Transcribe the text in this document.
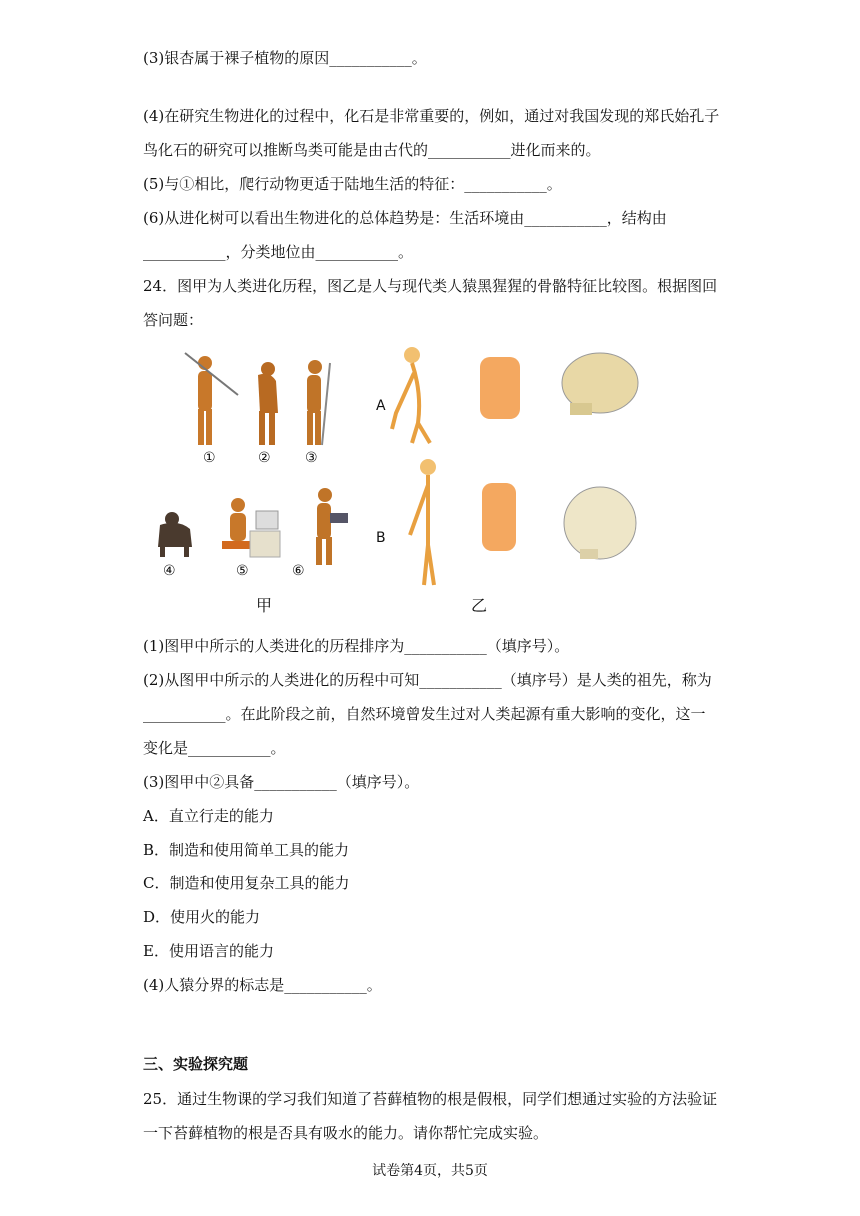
(3)银杏属于裸子植物的原因___________。
(4)在研究生物进化的过程中，化石是非常重要的，例如，通过对我国发现的郑氏始孔子
鸟化石的研究可以推断鸟类可能是由古代的___________进化而来的。
(5)与①相比，爬行动物更适于陆地生活的特征：___________。
(6)从进化树可以看出生物进化的总体趋势是：生活环境由___________，结构由
___________，分类地位由___________。
24．图甲为人类进化历程，图乙是人与现代类人猿黑猩猩的骨骼特征比较图。根据图回
答问题：
①	② ③
④	⑤	⑥
甲
A
B
乙
(1)图甲中所示的人类进化的历程排序为___________（填序号）。
(2)从图甲中所示的人类进化的历程中可知___________（填序号）是人类的祖先，称为
___________。在此阶段之前，自然环境曾发生过对人类起源有重大影响的变化，这一
变化是___________。
(3)图甲中②具备___________（填序号）。
A．直立行走的能力
B．制造和使用简单工具的能力
C．制造和使用复杂工具的能力
D．使用火的能力
E．使用语言的能力
(4)人猿分界的标志是___________。
三、实验探究题
25．通过生物课的学习我们知道了苔藓植物的根是假根，同学们想通过实验的方法验证
一下苔藓植物的根是否具有吸水的能力。请你帮忙完成实验。
试卷第4页，共5页
